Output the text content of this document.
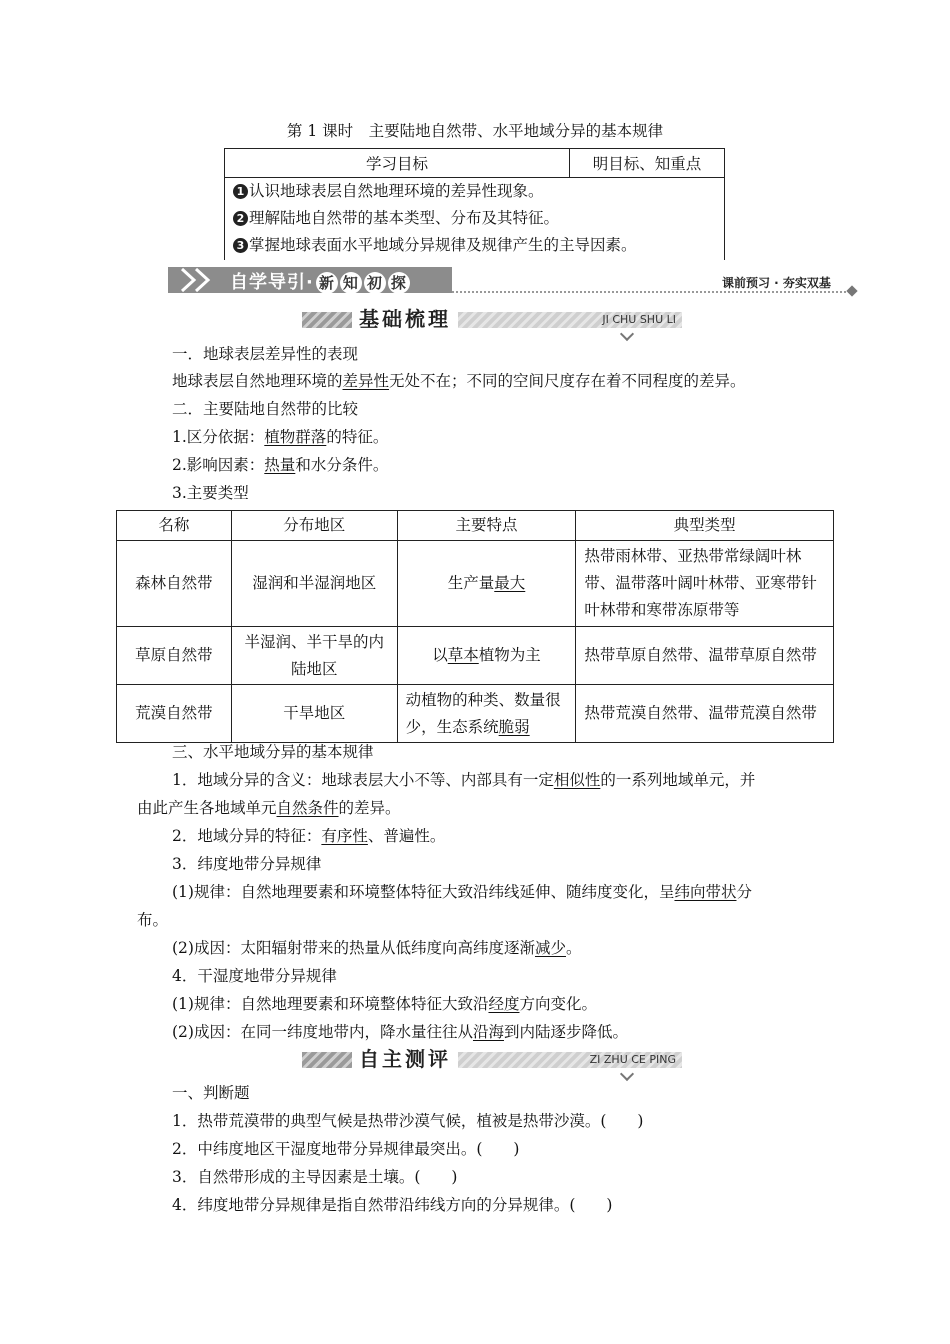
第 1 课时　主要陆地自然带、水平地域分异的基本规律
学习目标	明目标、知重点
1 认识地球表层自然地理环境的差异性现象。
2 理解陆地自然带的基本类型、分布及其特征。
3 掌握地球表面水平地域分异规律及规律产生的主导因素。
自学导引· 新 知 初 探	课前预习 · 夯实双基
基础梳理	JI CHU SHU LI
一．地球表层差异性的表现
地球表层自然地理环境的差异性无处不在；不同的空间尺度存在着不同程度的差异。
二．主要陆地自然带的比较
1.区分依据：植物群落的特征。
2.影响因素：热量和水分条件。
3.主要类型
名称	分布地区	主要特点	典型类型
森林自然带	湿润和半湿润地区	生产量最大	热带雨林带、亚热带常绿阔叶林带、温带落叶阔叶林带、亚寒带针叶林带和寒带冻原带等
草原自然带	半湿润、半干旱的内陆地区	以草本植物为主	热带草原自然带、温带草原自然带
荒漠自然带	干旱地区	动植物的种类、数量很少，生态系统脆弱	热带荒漠自然带、温带荒漠自然带
三、水平地域分异的基本规律
1．地域分异的含义：地球表层大小不等、内部具有一定相似性的一系列地域单元，并
由此产生各地域单元自然条件的差异。
2．地域分异的特征：有序性、普遍性。
3．纬度地带分异规律
(1)规律：自然地理要素和环境整体特征大致沿纬线延伸、随纬度变化，呈纬向带状分
布。
(2)成因：太阳辐射带来的热量从低纬度向高纬度逐渐减少。
4．干湿度地带分异规律
(1)规律：自然地理要素和环境整体特征大致沿经度方向变化。
(2)成因：在同一纬度地带内，降水量往往从沿海到内陆逐步降低。
自主测评	ZI ZHU CE PING
一、判断题
1．热带荒漠带的典型气候是热带沙漠气候，植被是热带沙漠。(　　)
2．中纬度地区干湿度地带分异规律最突出。(　　)
3．自然带形成的主导因素是土壤。(　　)
4．纬度地带分异规律是指自然带沿纬线方向的分异规律。(　　)
